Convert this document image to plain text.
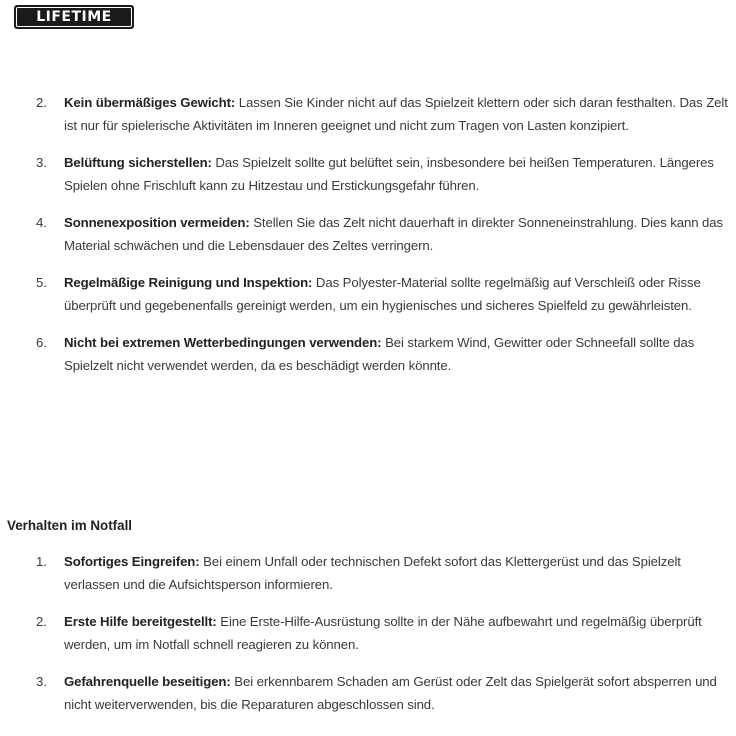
LIFETIME
2. Kein übermäßiges Gewicht: Lassen Sie Kinder nicht auf das Spielzeit klettern oder sich daran festhalten. Das Zelt ist nur für spielerische Aktivitäten im Inneren geeignet und nicht zum Tragen von Lasten konzipiert.
3. Belüftung sicherstellen: Das Spielzelt sollte gut belüftet sein, insbesondere bei heißen Temperaturen. Längeres Spielen ohne Frischluft kann zu Hitzestau und Erstickungsgefahr führen.
4. Sonnenexposition vermeiden: Stellen Sie das Zelt nicht dauerhaft in direkter Sonneneinstrahlung. Dies kann das Material schwächen und die Lebensdauer des Zeltes verringern.
5. Regelmäßige Reinigung und Inspektion: Das Polyester-Material sollte regelmäßig auf Verschleiß oder Risse überprüft und gegebenenfalls gereinigt werden, um ein hygienisches und sicheres Spielfeld zu gewährleisten.
6. Nicht bei extremen Wetterbedingungen verwenden: Bei starkem Wind, Gewitter oder Schneefall sollte das Spielzelt nicht verwendet werden, da es beschädigt werden könnte.
Verhalten im Notfall
1. Sofortiges Eingreifen: Bei einem Unfall oder technischen Defekt sofort das Klettergerüst und das Spielzelt verlassen und die Aufsichtsperson informieren.
2. Erste Hilfe bereitgestellt: Eine Erste-Hilfe-Ausrüstung sollte in der Nähe aufbewahrt und regelmäßig überprüft werden, um im Notfall schnell reagieren zu können.
3. Gefahrenquelle beseitigen: Bei erkennbarem Schaden am Gerüst oder Zelt das Spielgerät sofort absperren und nicht weiterverwenden, bis die Reparaturen abgeschlossen sind.
